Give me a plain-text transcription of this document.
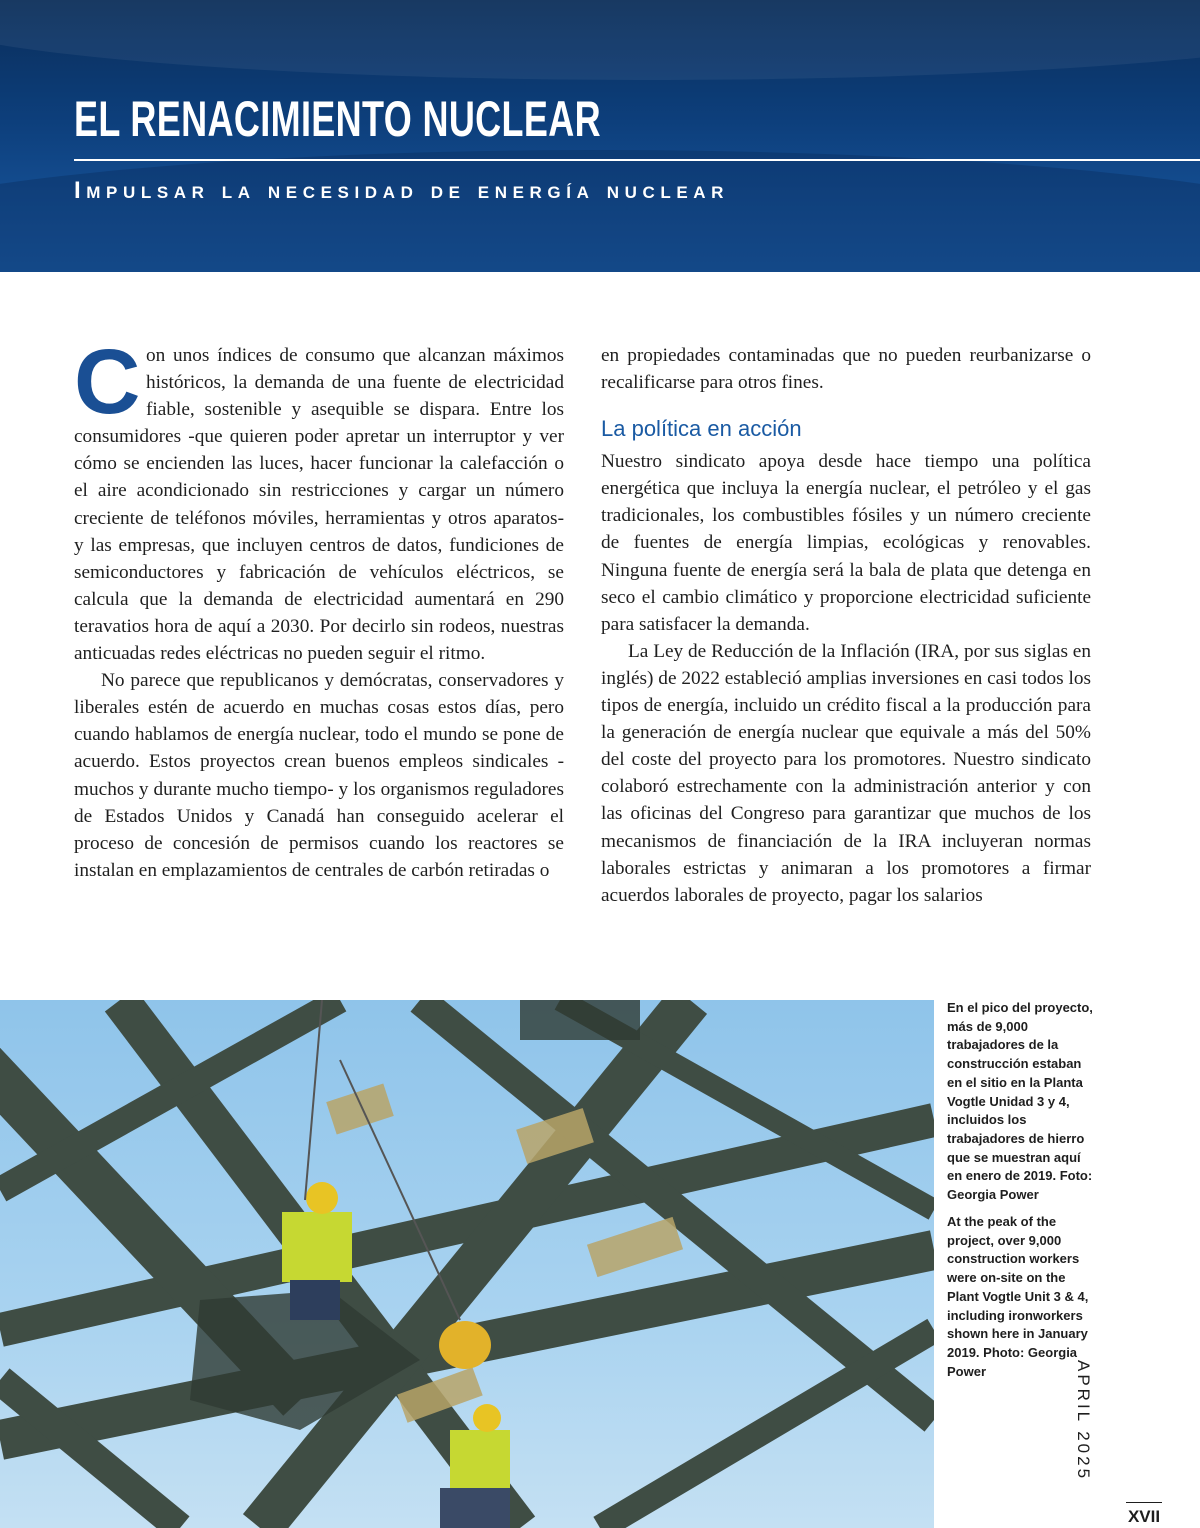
EL RENACIMIENTO NUCLEAR
Impulsar la necesidad de energía nuclear

Con unos índices de consumo que alcanzan máximos históricos, la demanda de una fuente de electricidad fiable, sostenible y asequible se dispara. Entre los consumidores -que quieren poder apretar un interruptor y ver cómo se encienden las luces, hacer funcionar la calefacción o el aire acondicionado sin restricciones y cargar un número creciente de teléfonos móviles, herramientas y otros aparatos- y las empresas, que incluyen centros de datos, fundiciones de semiconductores y fabricación de vehículos eléctricos, se calcula que la demanda de electricidad aumentará en 290 teravatios hora de aquí a 2030. Por decirlo sin rodeos, nuestras anticuadas redes eléctricas no pueden seguir el ritmo.

No parece que republicanos y demócratas, conservadores y liberales estén de acuerdo en muchas cosas estos días, pero cuando hablamos de energía nuclear, todo el mundo se pone de acuerdo. Estos proyectos crean buenos empleos sindicales -muchos y durante mucho tiempo- y los organismos reguladores de Estados Unidos y Canadá han conseguido acelerar el proceso de concesión de permisos cuando los reactores se instalan en emplazamientos de centrales de carbón retiradas o

en propiedades contaminadas que no pueden reurbanizarse o recalificarse para otros fines.

La política en acción

Nuestro sindicato apoya desde hace tiempo una política energética que incluya la energía nuclear, el petróleo y el gas tradicionales, los combustibles fósiles y un número creciente de fuentes de energía limpias, ecológicas y renovables. Ninguna fuente de energía será la bala de plata que detenga en seco el cambio climático y proporcione electricidad suficiente para satisfacer la demanda.

La Ley de Reducción de la Inflación (IRA, por sus siglas en inglés) de 2022 estableció amplias inversiones en casi todos los tipos de energía, incluido un crédito fiscal a la producción para la generación de energía nuclear que equivale a más del 50% del coste del proyecto para los promotores. Nuestro sindicato colaboró estrechamente con la administración anterior y con las oficinas del Congreso para garantizar que muchos de los mecanismos de financiación de la IRA incluyeran normas laborales estrictas y animaran a los promotores a firmar acuerdos laborales de proyecto, pagar los salarios

En el pico del proyecto, más de 9,000 trabajadores de la construcción estaban en el sitio en la Planta Vogtle Unidad 3 y 4, incluidos los trabajadores de hierro que se muestran aquí en enero de 2019. Foto: Georgia Power
At the peak of the project, over 9,000 construction workers were on-site on the Plant Vogtle Unit 3 & 4, including ironworkers shown here in January 2019. Photo: Georgia Power	APRIL 2025
XVII
